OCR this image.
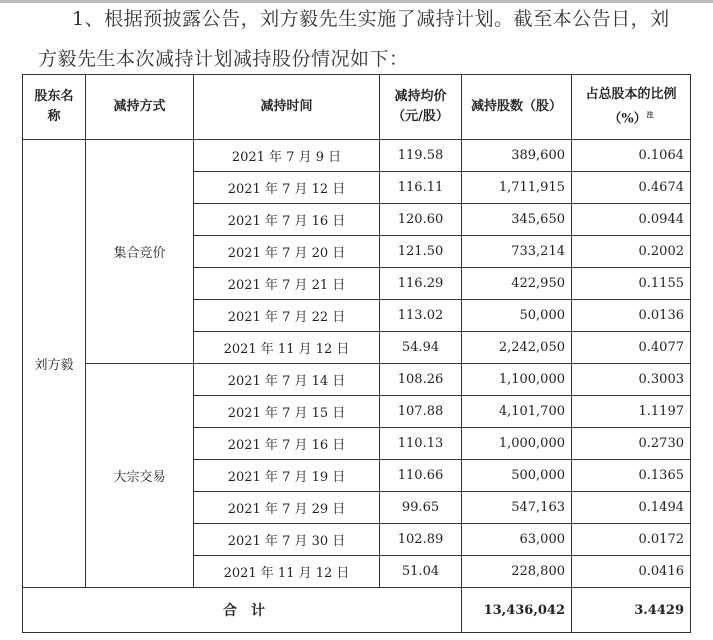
1、根据预披露公告，刘方毅先生实施了减持计划。截至本公告日，刘
方毅先生本次减持计划减持股份情况如下：
股东名称	减持方式	减持时间	减持均价（元/股）	减持股数（股）	占总股本的比例（%）$^注$
刘方毅	集合竞价	2021 年 7 月 9 日	119.58	389,600	0.1064
		2021 年 7 月 12 日	116.11	1,711,915	0.4674
		2021 年 7 月 16 日	120.60	345,650	0.0944
		2021 年 7 月 20 日	121.50	733,214	0.2002
		2021 年 7 月 21 日	116.29	422,950	0.1155
		2021 年 7 月 22 日	113.02	50,000	0.0136
		2021 年 11 月 12 日	54.94	2,242,050	0.4077
	大宗交易	2021 年 7 月 14 日	108.26	1,100,000	0.3003
		2021 年 7 月 15 日	107.88	4,101,700	1.1197
		2021 年 7 月 16 日	110.13	1,000,000	0.2730
		2021 年 7 月 19 日	110.66	500,000	0.1365
		2021 年 7 月 29 日	99.65	547,163	0.1494
		2021 年 7 月 30 日	102.89	63,000	0.0172
		2021 年 11 月 12 日	51.04	228,800	0.0416
合计				13,436,042	3.4429
